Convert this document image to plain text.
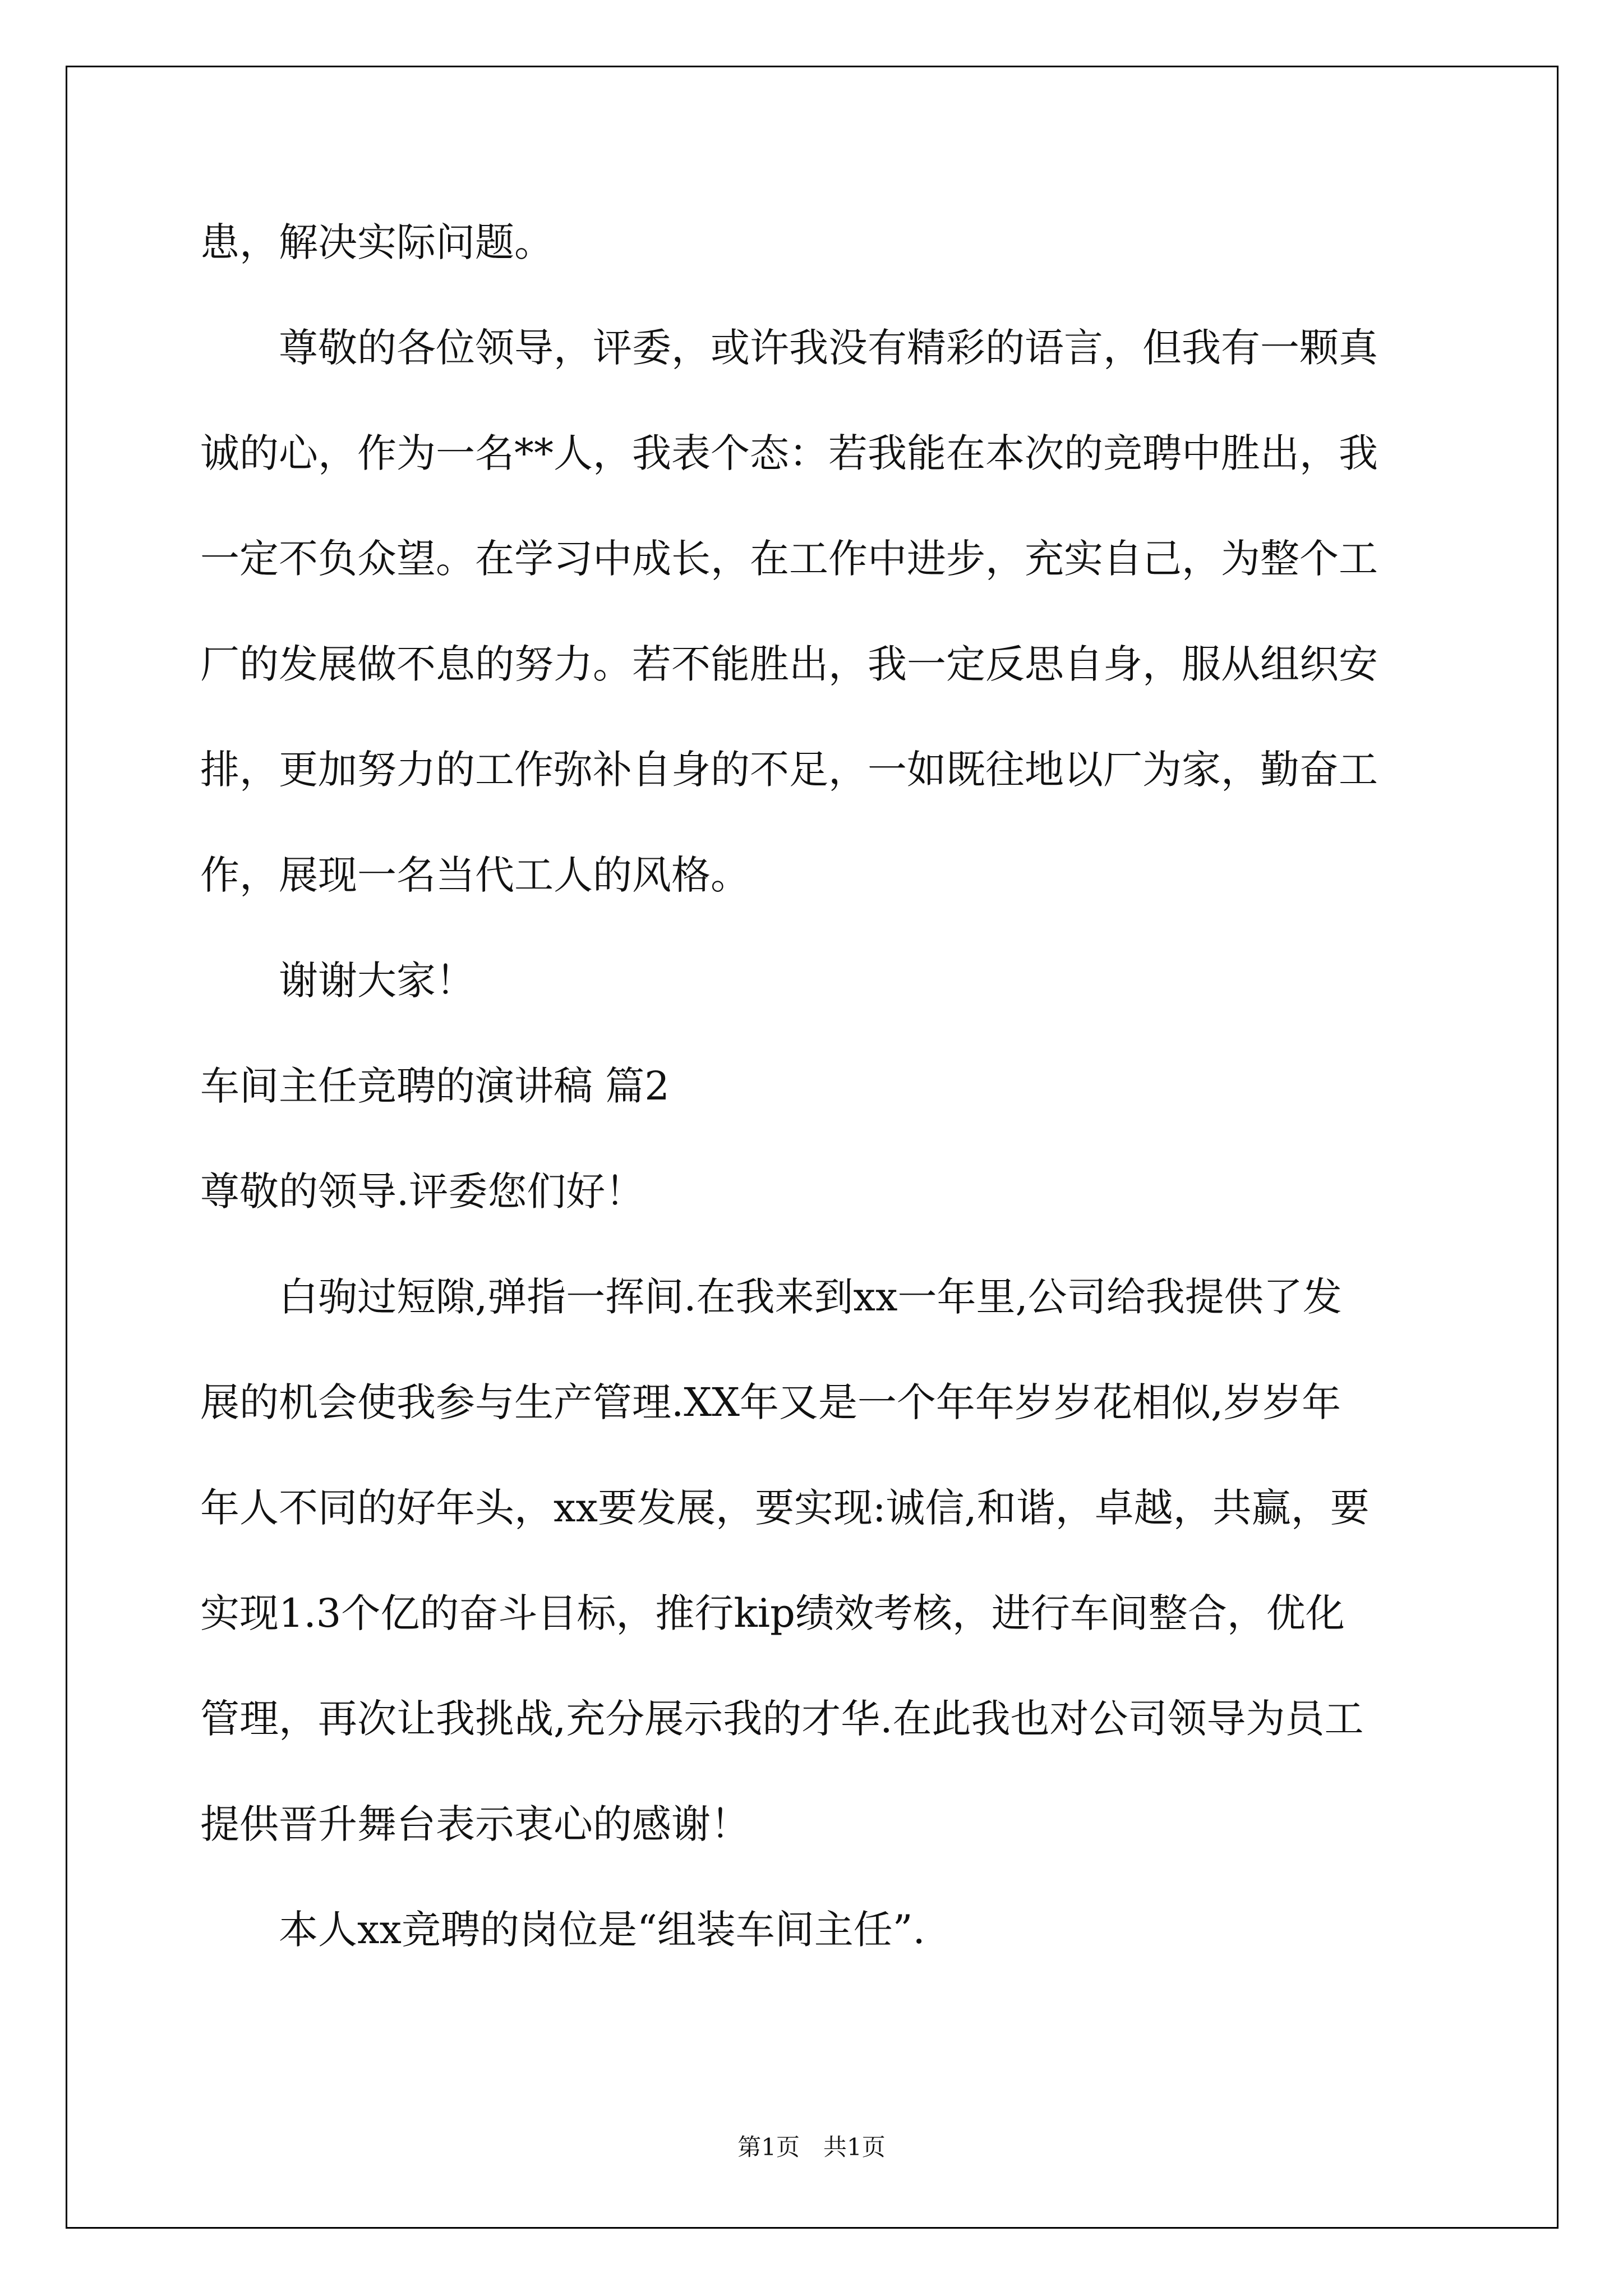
患，解决实际问题。
尊敬的各位领导，评委，或许我没有精彩的语言，但我有一颗真
诚的心，作为一名**人，我表个态：若我能在本次的竞聘中胜出，我
一定不负众望。在学习中成长，在工作中进步，充实自己，为整个工
厂的发展做不息的努力。若不能胜出，我一定反思自身，服从组织安
排，更加努力的工作弥补自身的不足，一如既往地以厂为家，勤奋工
作，展现一名当代工人的风格。
谢谢大家！
车间主任竞聘的演讲稿 篇2
尊敬的领导.评委您们好！
白驹过短隙,弹指一挥间.在我来到xx一年里,公司给我提供了发
展的机会使我参与生产管理.XX年又是一个年年岁岁花相似,岁岁年
年人不同的好年头，xx要发展，要实现:诚信,和谐，卓越，共赢，要
实现1.3个亿的奋斗目标，推行kip绩效考核，进行车间整合，优化
管理，再次让我挑战,充分展示我的才华.在此我也对公司领导为员工
提供晋升舞台表示衷心的感谢！
本人xx竞聘的岗位是“组装车间主任”.
第1页　共1页
